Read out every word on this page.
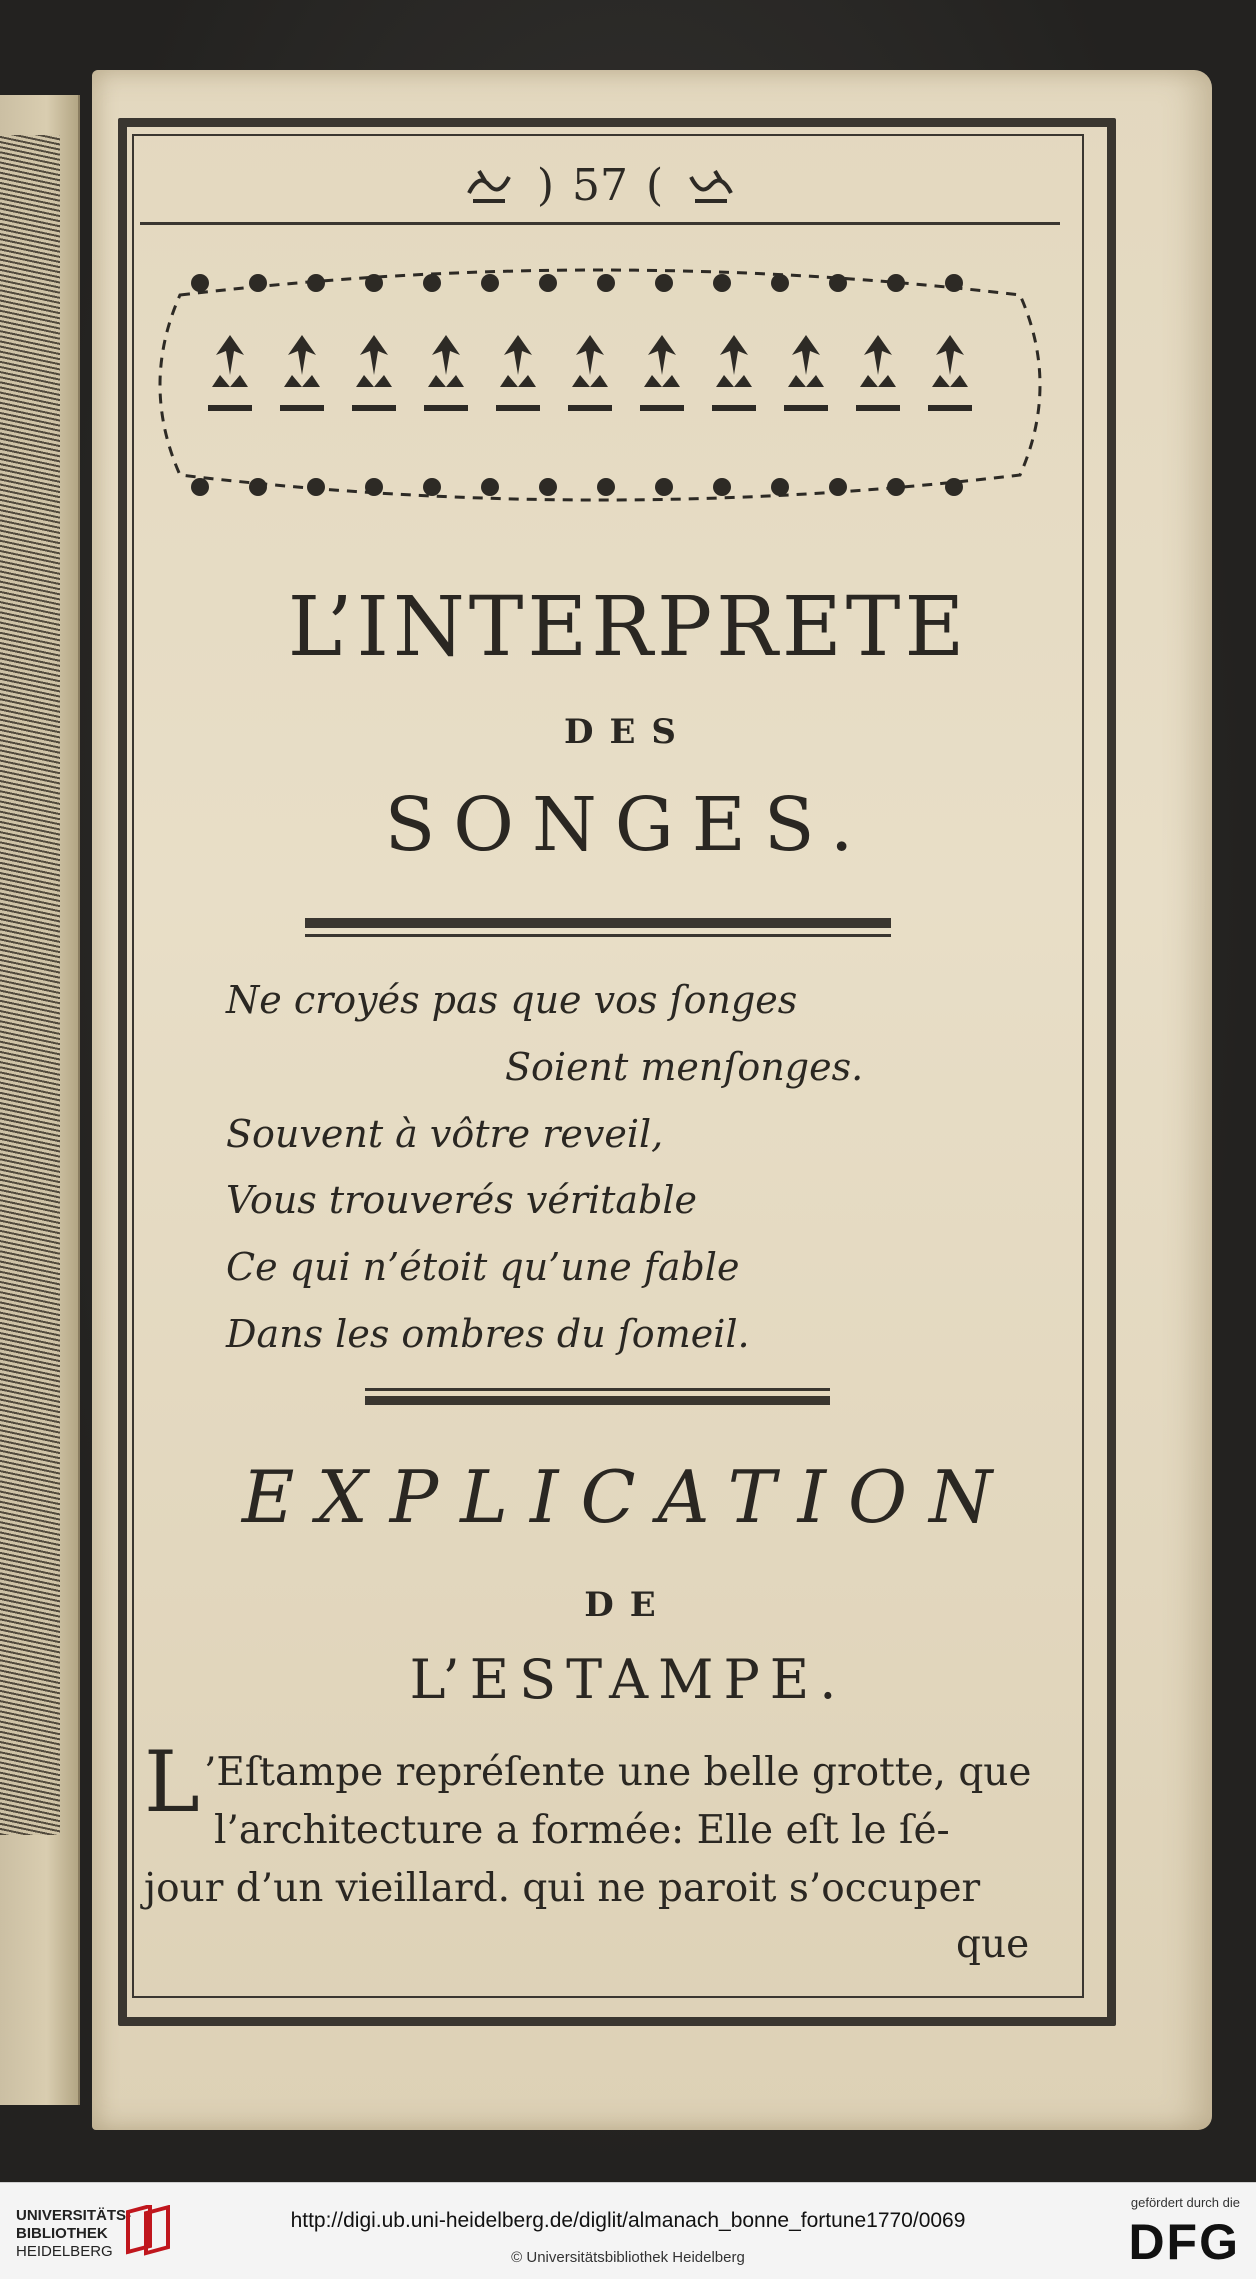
) 57 (
L’INTERPRETE
DES
SONGES.
Ne croyés pas que vos ſonges
Soient menſonges.
Souvent à vôtre reveil,
Vous trouverés véritable
Ce qui n’étoit qu’une fable
Dans les ombres du ſomeil.
EXPLICATION
DE
L’ESTAMPE.
L ’Eſtampe repréſente une belle grotte, que
l’architecture a formée: Elle eſt le ſé-
jour d’un vieillard. qui ne paroit s’occuper
que
UNIVERSITÄTS-
BIBLIOTHEK
HEIDELBERG
http://digi.ub.uni-heidelberg.de/diglit/almanach_bonne_fortune1770/0069
© Universitätsbibliothek Heidelberg
gefördert durch die
DFG
